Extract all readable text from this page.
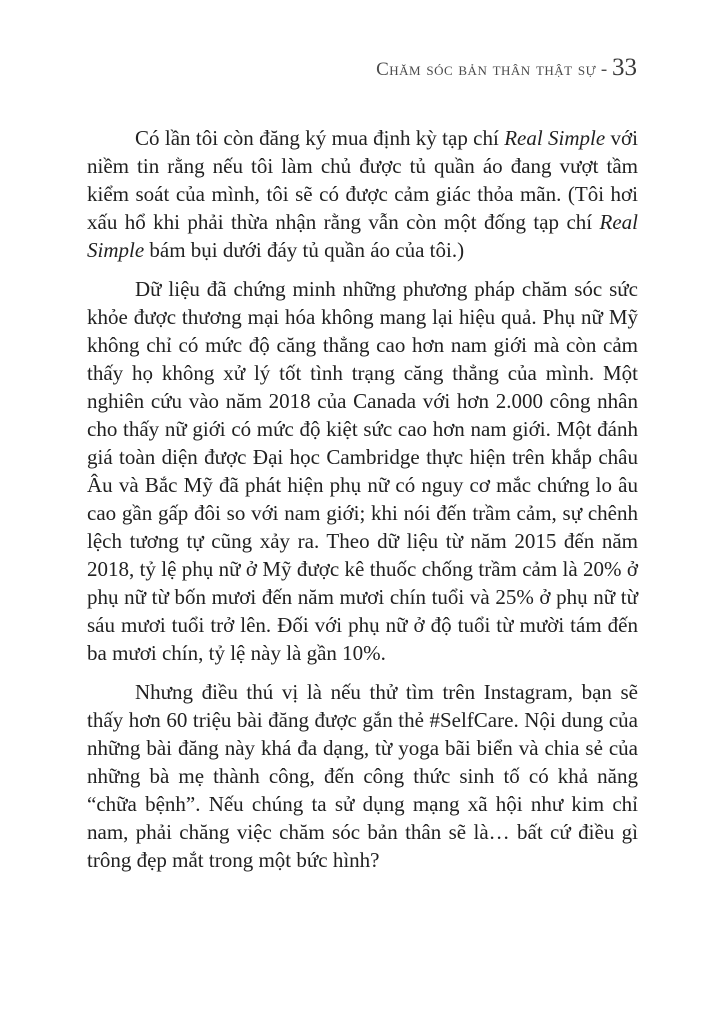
Chăm sóc bản thân thật sự - 33

Có lần tôi còn đăng ký mua định kỳ tạp chí Real Simple với niềm tin rằng nếu tôi làm chủ được tủ quần áo đang vượt tầm kiểm soát của mình, tôi sẽ có được cảm giác thỏa mãn. (Tôi hơi xấu hổ khi phải thừa nhận rằng vẫn còn một đống tạp chí Real Simple bám bụi dưới đáy tủ quần áo của tôi.)

Dữ liệu đã chứng minh những phương pháp chăm sóc sức khỏe được thương mại hóa không mang lại hiệu quả. Phụ nữ Mỹ không chỉ có mức độ căng thẳng cao hơn nam giới mà còn cảm thấy họ không xử lý tốt tình trạng căng thẳng của mình. Một nghiên cứu vào năm 2018 của Canada với hơn 2.000 công nhân cho thấy nữ giới có mức độ kiệt sức cao hơn nam giới. Một đánh giá toàn diện được Đại học Cambridge thực hiện trên khắp châu Âu và Bắc Mỹ đã phát hiện phụ nữ có nguy cơ mắc chứng lo âu cao gần gấp đôi so với nam giới; khi nói đến trầm cảm, sự chênh lệch tương tự cũng xảy ra. Theo dữ liệu từ năm 2015 đến năm 2018, tỷ lệ phụ nữ ở Mỹ được kê thuốc chống trầm cảm là 20% ở phụ nữ từ bốn mươi đến năm mươi chín tuổi và 25% ở phụ nữ từ sáu mươi tuổi trở lên. Đối với phụ nữ ở độ tuổi từ mười tám đến ba mươi chín, tỷ lệ này là gần 10%.

Nhưng điều thú vị là nếu thử tìm trên Instagram, bạn sẽ thấy hơn 60 triệu bài đăng được gắn thẻ #SelfCare. Nội dung của những bài đăng này khá đa dạng, từ yoga bãi biển và chia sẻ của những bà mẹ thành công, đến công thức sinh tố có khả năng “chữa bệnh”. Nếu chúng ta sử dụng mạng xã hội như kim chỉ nam, phải chăng việc chăm sóc bản thân sẽ là… bất cứ điều gì trông đẹp mắt trong một bức hình?
